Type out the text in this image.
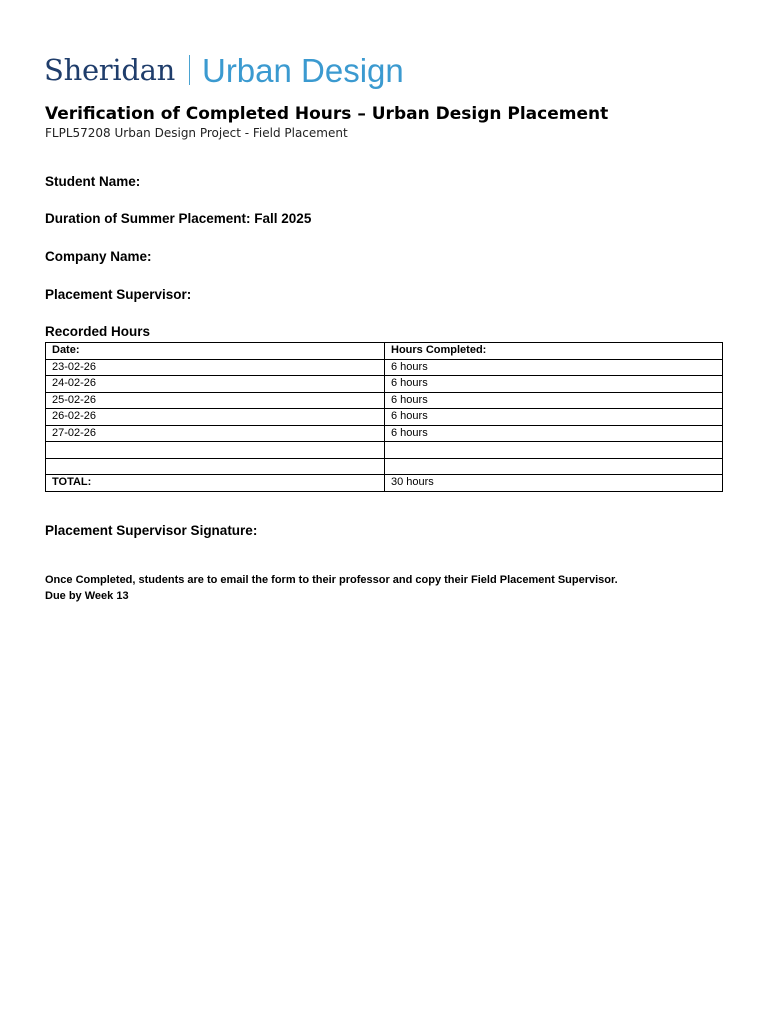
Sheridan Urban Design
Verification of Completed Hours – Urban Design Placement
FLPL57208 Urban Design Project - Field Placement
Student Name:
Duration of Summer Placement: Fall 2025
Company Name:
Placement Supervisor:
Recorded Hours
Date:	Hours Completed:
23-02-26	6 hours
24-02-26	6 hours
25-02-26	6 hours
26-02-26	6 hours
27-02-26	6 hours

TOTAL:	30 hours
Placement Supervisor Signature:
Once Completed, students are to email the form to their professor and copy their Field Placement Supervisor.
Due by Week 13
